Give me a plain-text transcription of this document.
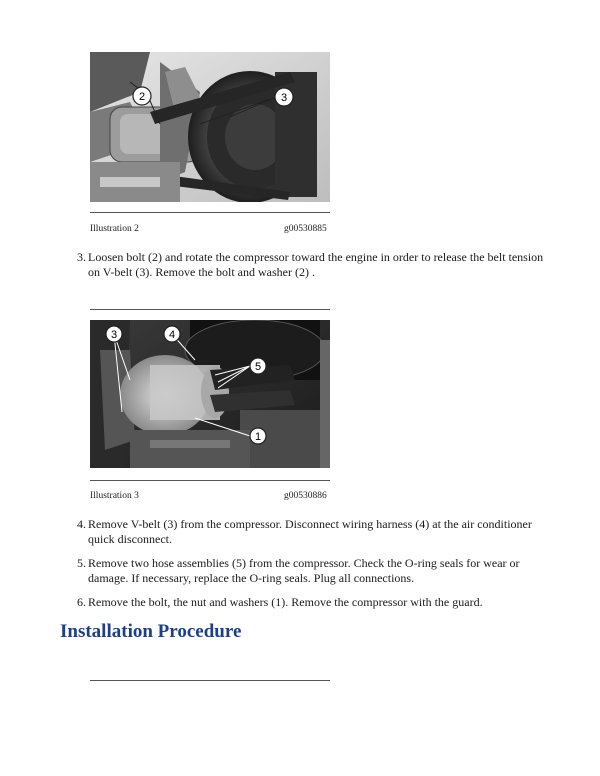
2	3
Illustration 2	g00530885
3. Loosen bolt (2) and rotate the compressor toward the engine in order to release the belt tension on V-belt (3). Remove the bolt and washer (2) .
3	4
5
1
Illustration 3	g00530886
4. Remove V-belt (3) from the compressor. Disconnect wiring harness (4) at the air conditioner quick disconnect.
5. Remove two hose assemblies (5) from the compressor. Check the O-ring seals for wear or damage. If necessary, replace the O-ring seals. Plug all connections.
6. Remove the bolt, the nut and washers (1). Remove the compressor with the guard.
Installation Procedure
